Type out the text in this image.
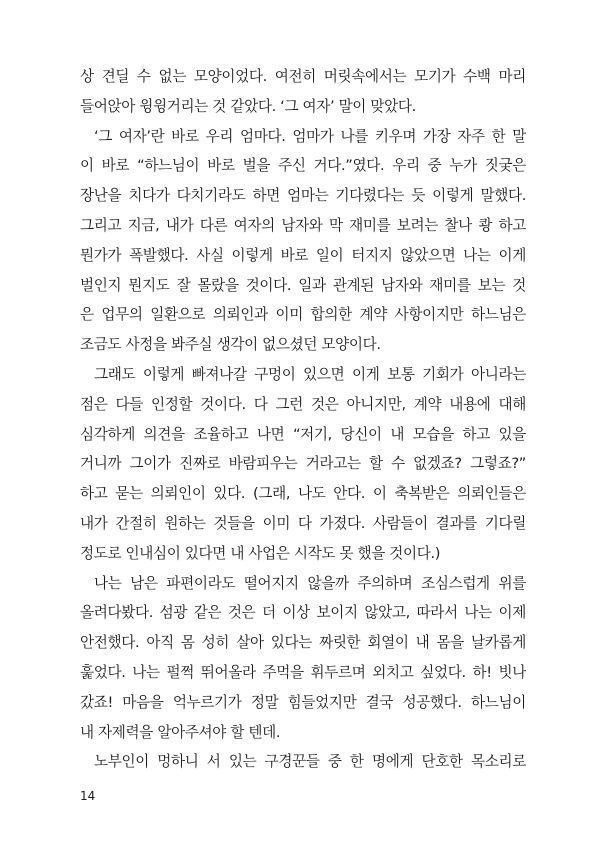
상 견딜 수 없는 모양이었다. 여전히 머릿속에서는 모기가 수백 마리
들어앉아 윙윙거리는 것 같았다. ‘그 여자’ 말이 맞았다.
‘그 여자’란 바로 우리 엄마다. 엄마가 나를 키우며 가장 자주 한 말
이 바로 “하느님이 바로 벌을 주신 거다.”였다. 우리 중 누가 짓궂은
장난을 치다가 다치기라도 하면 엄마는 기다렸다는 듯 이렇게 말했다.
그리고 지금, 내가 다른 여자의 남자와 막 재미를 보려는 찰나 쾅 하고
뭔가가 폭발했다. 사실 이렇게 바로 일이 터지지 않았으면 나는 이게
벌인지 뭔지도 잘 몰랐을 것이다. 일과 관계된 남자와 재미를 보는 것
은 업무의 일환으로 의뢰인과 이미 합의한 계약 사항이지만 하느님은
조금도 사정을 봐주실 생각이 없으셨던 모양이다.
그래도 이렇게 빠져나갈 구멍이 있으면 이게 보통 기회가 아니라는
점은 다들 인정할 것이다. 다 그런 것은 아니지만, 계약 내용에 대해
심각하게 의견을 조율하고 나면 “저기, 당신이 내 모습을 하고 있을
거니까 그이가 진짜로 바람피우는 거라고는 할 수 없겠죠? 그렇죠?”
하고 묻는 의뢰인이 있다. (그래, 나도 안다. 이 축복받은 의뢰인들은
내가 간절히 원하는 것들을 이미 다 가졌다. 사람들이 결과를 기다릴
정도로 인내심이 있다면 내 사업은 시작도 못 했을 것이다.)
나는 남은 파편이라도 떨어지지 않을까 주의하며 조심스럽게 위를
올려다봤다. 섬광 같은 것은 더 이상 보이지 않았고, 따라서 나는 이제
안전했다. 아직 몸 성히 살아 있다는 짜릿한 회열이 내 몸을 날카롭게
훑었다. 나는 펄쩍 뛰어올라 주먹을 휘두르며 외치고 싶었다. 하! 빗나
갔죠! 마음을 억누르기가 정말 힘들었지만 결국 성공했다. 하느님이
내 자제력을 알아주셔야 할 텐데.
노부인이 멍하니 서 있는 구경꾼들 중 한 명에게 단호한 목소리로
14
